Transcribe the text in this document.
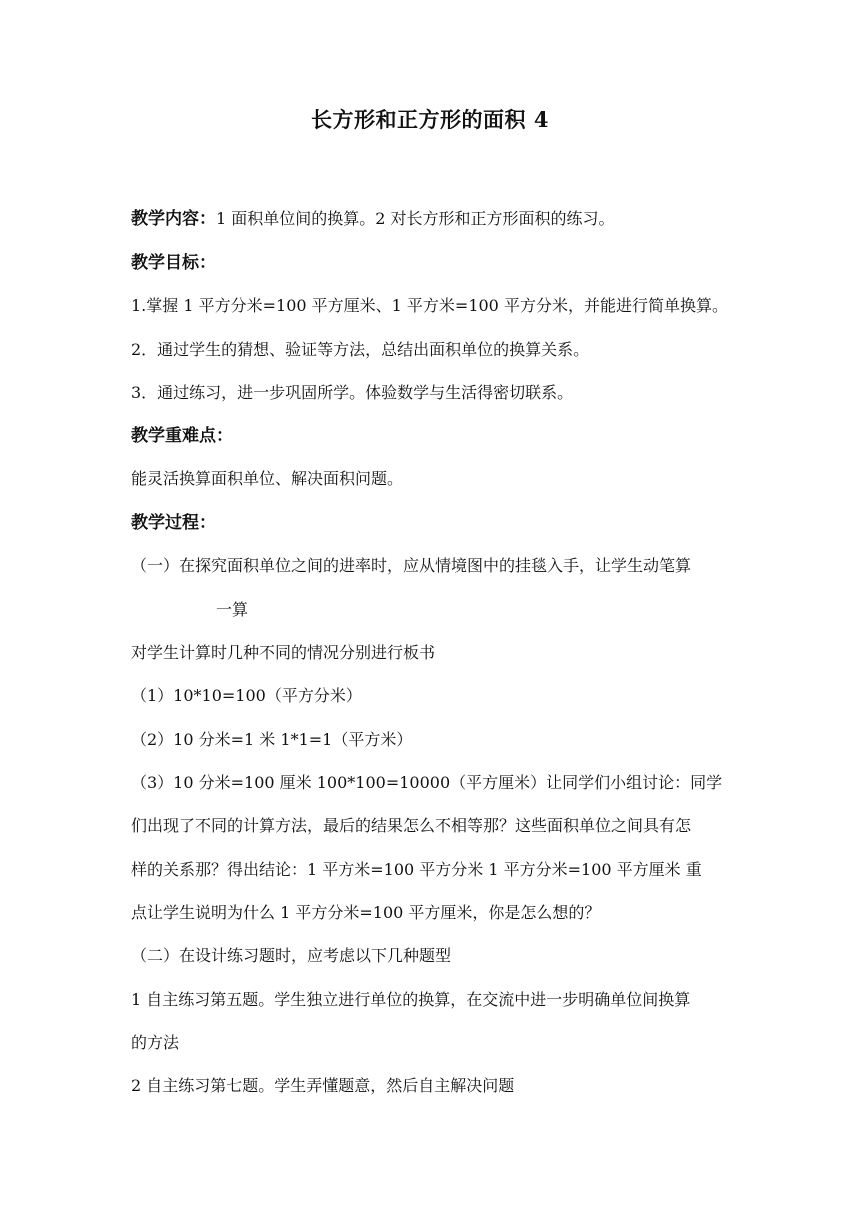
长方形和正方形的面积 4
教学内容：1 面积单位间的换算。2 对长方形和正方形面积的练习。
教学目标：
1.掌握 1 平方分米=100 平方厘米、1 平方米=100 平方分米，并能进行简单换算。
2．通过学生的猜想、验证等方法，总结出面积单位的换算关系。
3．通过练习，进一步巩固所学。体验数学与生活得密切联系。
教学重难点：
能灵活换算面积单位、解决面积问题。
教学过程：
（一）在探究面积单位之间的进率时，应从情境图中的挂毯入手，让学生动笔算
一算
对学生计算时几种不同的情况分别进行板书
（1）10*10=100（平方分米）
（2）10 分米=1 米 1*1=1（平方米）
（3）10 分米=100 厘米 100*100=10000（平方厘米）让同学们小组讨论：同学
们出现了不同的计算方法，最后的结果怎么不相等那？这些面积单位之间具有怎
样的关系那？得出结论：1 平方米=100 平方分米 1 平方分米=100 平方厘米 重
点让学生说明为什么 1 平方分米=100 平方厘米，你是怎么想的？
（二）在设计练习题时，应考虑以下几种题型
1 自主练习第五题。学生独立进行单位的换算，在交流中进一步明确单位间换算
的方法
2 自主练习第七题。学生弄懂题意，然后自主解决问题
